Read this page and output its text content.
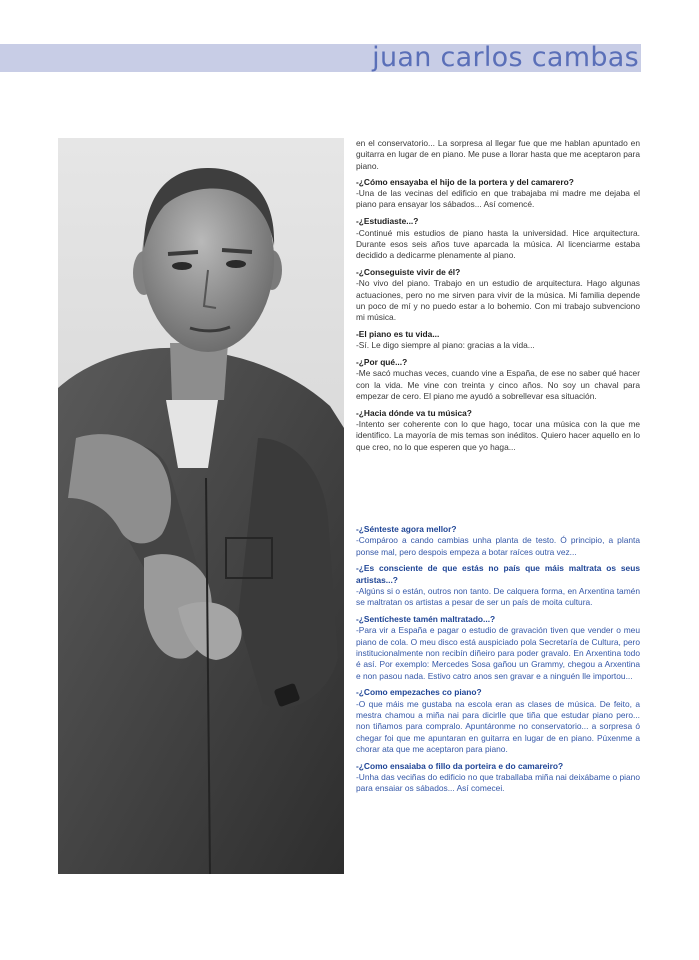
juan carlos cambas

en el conservatorio... La sorpresa al llegar fue que me hablan apuntado en guitarra en lugar de en piano. Me puse a llorar hasta que me aceptaron para piano.

-¿Cómo ensayaba el hijo de la portera y del camarero?

-Una de las vecinas del edificio en que trabajaba mi madre me dejaba el piano para ensayar los sábados... Así comencé.

-¿Estudiaste...?

-Continué mis estudios de piano hasta la universidad. Hice arquitectura. Durante esos seis años tuve aparcada la música. Al licenciarme estaba decidido a dedicarme plenamente al piano.

-¿Conseguiste vivir de él?

-No vivo del piano. Trabajo en un estudio de arquitectura. Hago algunas actuaciones, pero no me sirven para vivir de la música. Mi familia depende un poco de mí y no puedo estar a lo bohemio. Con mi trabajo subvenciono mi música.

-El piano es tu vida...

-Sí. Le digo siempre al piano: gracias a la vida...

-¿Por qué...?

-Me sacó muchas veces, cuando vine a España, de ese no saber qué hacer con la vida. Me vine con treinta y cinco años. No soy un chaval para empezar de cero. El piano me ayudó a sobrellevar esa situación.

-¿Hacia dónde va tu música?

-Intento ser coherente con lo que hago, tocar una música con la que me identifico. La mayoría de mis temas son inéditos. Quiero hacer aquello en lo que creo, no lo que esperen que yo haga...

-¿Sénteste agora mellor?

-Compároo a cando cambias unha planta de testo. Ó principio, a planta ponse mal, pero despois empeza a botar raíces outra vez...

-¿Es consciente de que estás no país que máis maltrata os seus artistas...?

-Algúns si o están, outros non tanto. De calquera forma, en Arxentina tamén se maltratan os artistas a pesar de ser un país de moita cultura.

-¿Sentícheste tamén maltratado...?

-Para vir a España e pagar o estudio de gravación tiven que vender o meu piano de cola. O meu disco está auspiciado pola Secretaría de Cultura, pero institucionalmente non recibín diñeiro para poder gravalo. En Arxentina todo é así. Por exemplo: Mercedes Sosa gañou un Grammy, chegou a Arxentina e non pasou nada. Estivo catro anos sen gravar e a ninguén lle importou...

-¿Como empezaches co piano?

-O que máis me gustaba na escola eran as clases de música. De feito, a mestra chamou a miña nai para dicirlle que tiña que estudar piano pero... non tiñamos para compralo. Apuntáronme no conservatorio... a sorpresa ó chegar foi que me apuntaran en guitarra en lugar de en piano. Púxenme a chorar ata que me aceptaron para piano.

-¿Como ensaiaba o fillo da porteira e do camareiro?

-Unha das veciñas do edificio no que traballaba miña nai deixábame o piano para ensaiar os sábados... Así comecei.
